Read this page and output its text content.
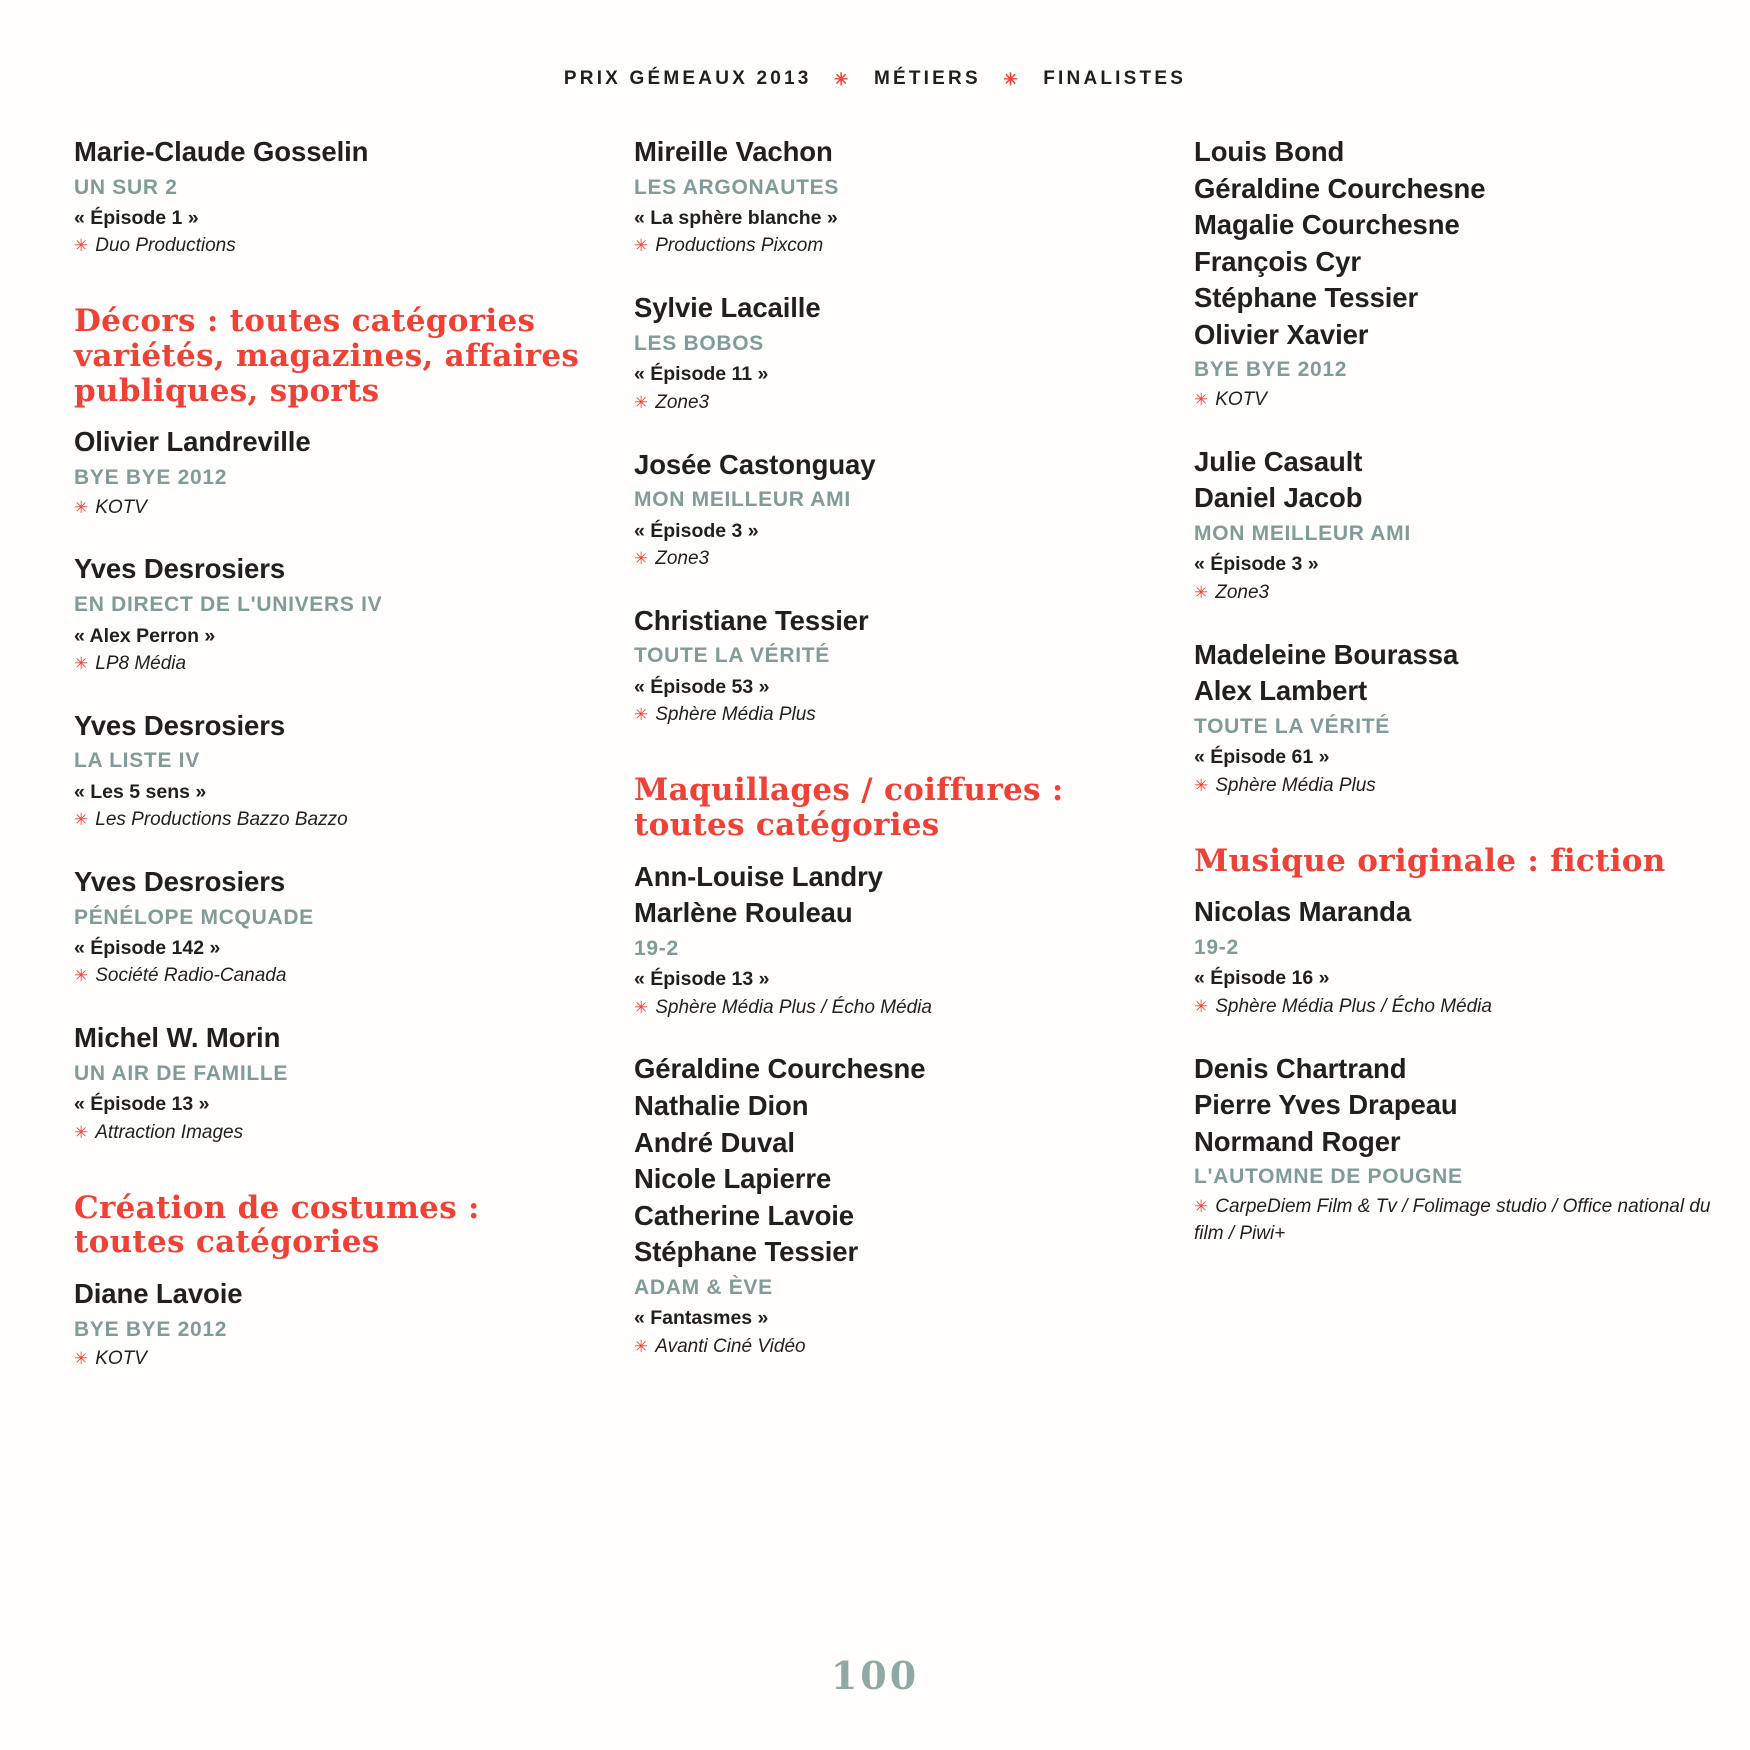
PRIX GÉMEAUX 2013 ✳ MÉTIERS ✳ FINALISTES
Marie-Claude Gosselin
UN SUR 2
« Épisode 1 »
✳ Duo Productions
Décors : toutes catégories variétés, magazines, affaires publiques, sports
Olivier Landreville
BYE BYE 2012
✳ KOTV
Yves Desrosiers
EN DIRECT DE L'UNIVERS IV
« Alex Perron »
✳ LP8 Média
Yves Desrosiers
LA LISTE IV
« Les 5 sens »
✳ Les Productions Bazzo Bazzo
Yves Desrosiers
PÉNÉLOPE MCQUADE
« Épisode 142 »
✳ Société Radio-Canada
Michel W. Morin
UN AIR DE FAMILLE
« Épisode 13 »
✳ Attraction Images
Création de costumes : toutes catégories
Diane Lavoie
BYE BYE 2012
✳ KOTV
Mireille Vachon
LES ARGONAUTES
« La sphère blanche »
✳ Productions Pixcom
Sylvie Lacaille
LES BOBOS
« Épisode 11 »
✳ Zone3
Josée Castonguay
MON MEILLEUR AMI
« Épisode 3 »
✳ Zone3
Christiane Tessier
TOUTE LA VÉRITÉ
« Épisode 53 »
✳ Sphère Média Plus
Maquillages / coiffures : toutes catégories
Ann-Louise Landry
Marlène Rouleau
19-2
« Épisode 13 »
✳ Sphère Média Plus / Écho Média
Géraldine Courchesne
Nathalie Dion
André Duval
Nicole Lapierre
Catherine Lavoie
Stéphane Tessier
ADAM & ÈVE
« Fantasmes »
✳ Avanti Ciné Vidéo
Louis Bond
Géraldine Courchesne
Magalie Courchesne
François Cyr
Stéphane Tessier
Olivier Xavier
BYE BYE 2012
✳ KOTV
Julie Casault
Daniel Jacob
MON MEILLEUR AMI
« Épisode 3 »
✳ Zone3
Madeleine Bourassa
Alex Lambert
TOUTE LA VÉRITÉ
« Épisode 61 »
✳ Sphère Média Plus
Musique originale : fiction
Nicolas Maranda
19-2
« Épisode 16 »
✳ Sphère Média Plus / Écho Média
Denis Chartrand
Pierre Yves Drapeau
Normand Roger
L'AUTOMNE DE POUGNE
✳ CarpeDiem Film & Tv / Folimage studio / Office national du film / Piwi+
100
